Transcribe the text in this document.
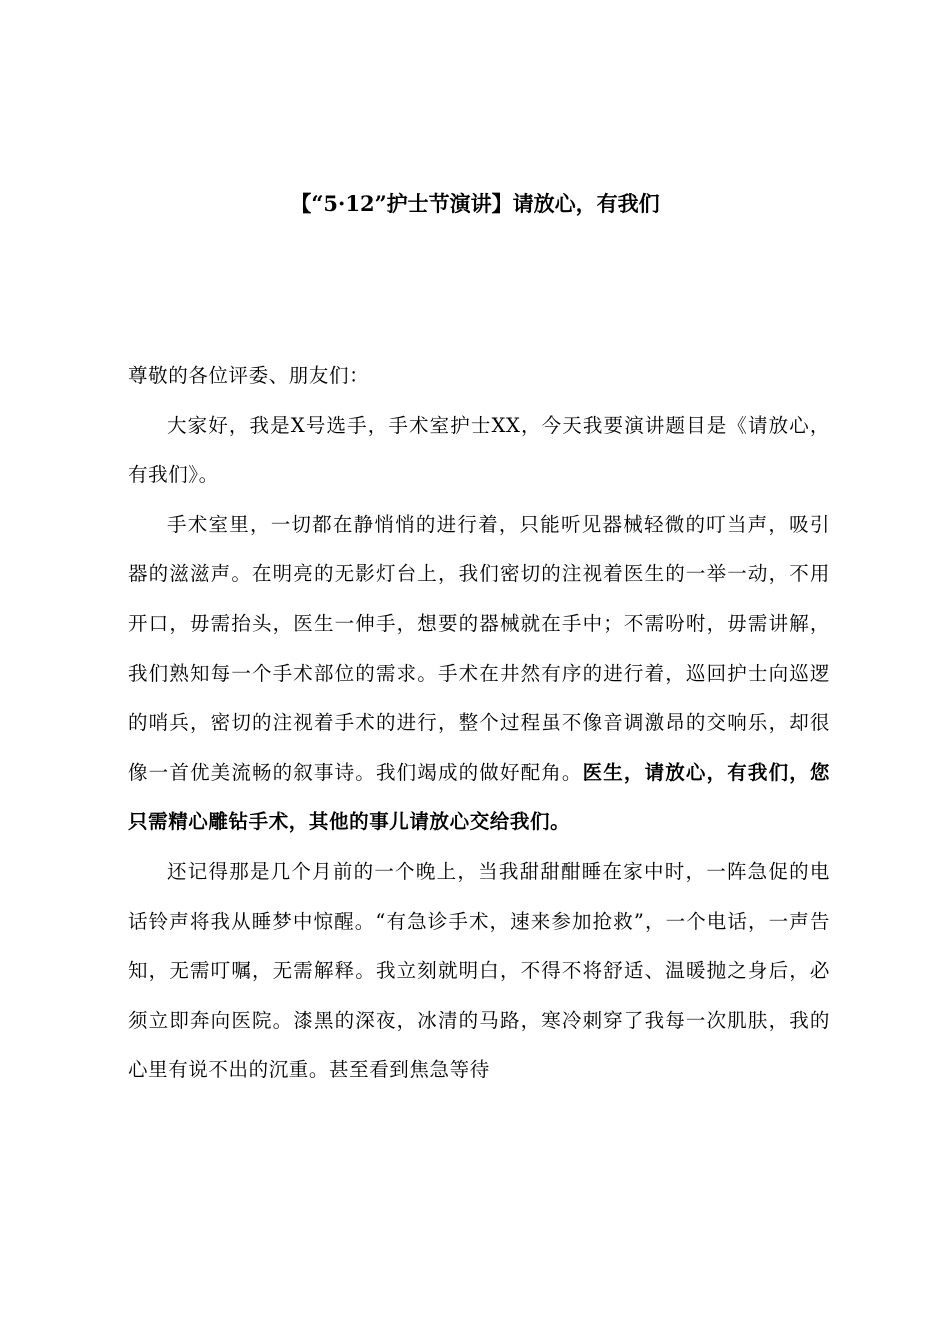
【“5·12”护士节演讲】请放心，有我们

尊敬的各位评委、朋友们：

大家好，我是X号选手，手术室护士XX，今天我要演讲题目是《请放心，有我们》。

手术室里，一切都在静悄悄的进行着，只能听见器械轻微的叮当声，吸引器的滋滋声。在明亮的无影灯台上，我们密切的注视着医生的一举一动，不用开口，毋需抬头，医生一伸手，想要的器械就在手中；不需吩咐，毋需讲解，我们熟知每一个手术部位的需求。手术在井然有序的进行着，巡回护士向巡逻的哨兵，密切的注视着手术的进行，整个过程虽不像音调激昂的交响乐，却很像一首优美流畅的叙事诗。我们竭成的做好配角。医生，请放心，有我们，您只需精心雕钻手术，其他的事儿请放心交给我们。

还记得那是几个月前的一个晚上，当我甜甜酣睡在家中时，一阵急促的电话铃声将我从睡梦中惊醒。“有急诊手术，速来参加抢救”，一个电话，一声告知，无需叮嘱，无需解释。我立刻就明白，不得不将舒适、温暖抛之身后，必须立即奔向医院。漆黑的深夜，冰清的马路，寒冷刺穿了我每一次肌肤，我的心里有说不出的沉重。甚至看到焦急等待
